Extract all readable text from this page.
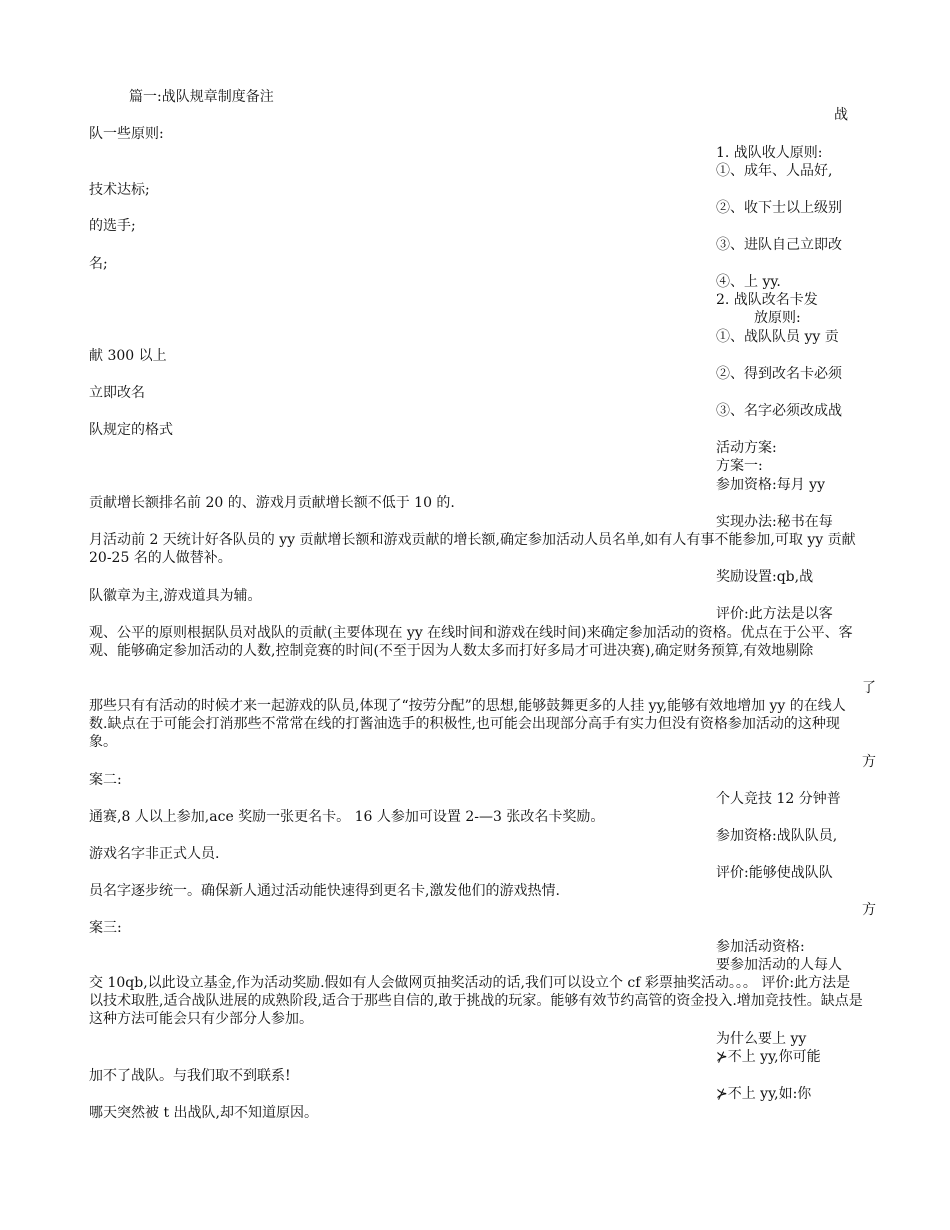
篇一:战队规章制度备注
战
队一些原则:
1. 战队收人原则:
①、成年、人品好,
技术达标;
②、收下士以上级别
的选手;
③、进队自己立即改
名;
④、上 yy.
2. 战队改名卡发
放原则:
①、战队队员 yy 贡
献 300 以上
②、得到改名卡必须
立即改名
③、名字必须改成战
队规定的格式
活动方案:
方案一:
参加资格:每月 yy
贡献增长额排名前 20 的、游戏月贡献增长额不低于 10 的.
实现办法:秘书在每
月活动前 2 天统计好各队员的 yy 贡献增长额和游戏贡献的增长额,确定参加活动人员名单,如有人有事不能参加,可取 yy 贡献 20-25 名的人做替补。
奖励设置:qb,战
队徽章为主,游戏道具为辅。
评价:此方法是以客
观、公平的原则根据队员对战队的贡献(主要体现在 yy 在线时间和游戏在线时间)来确定参加活动的资格。优点在于公平、客观、能够确定参加活动的人数,控制竞赛的时间(不至于因为人数太多而打好多局才可进决赛),确定财务预算,有效地剔除
了
那些只有有活动的时候才来一起游戏的队员,体现了“按劳分配”的思想,能够鼓舞更多的人挂 yy,能够有效地增加 yy 的在线人数.缺点在于可能会打消那些不常常在线的打酱油选手的积极性,也可能会出现部分高手有实力但没有资格参加活动的这种现象。
方
案二:
个人竞技 12 分钟普
通赛,8 人以上参加,ace 奖励一张更名卡。 16 人参加可设置 2-—3 张改名卡奖励。
参加资格:战队队员,
游戏名字非正式人员.
评价:能够使战队队
员名字逐步统一。确保新人通过活动能快速得到更名卡,激发他们的游戏热情.
方
案三:
参加活动资格:
要参加活动的人每人
交 10qb,以此设立基金,作为活动奖励.假如有人会做网页抽奖活动的话,我们可以设立个 cf 彩票抽奖活动。。。 评价:此方法是以技术取胜,适合战队进展的成熟阶段,适合于那些自信的,敢于挑战的玩家。能够有效节约高管的资金投入.增加竞技性。缺点是这种方法可能会只有少部分人参加。
为什么要上 yy
⊁不上 yy,你可能
加不了战队。与我们取不到联系!
⊁不上 yy,如:你
哪天突然被 t 出战队,却不知道原因。
